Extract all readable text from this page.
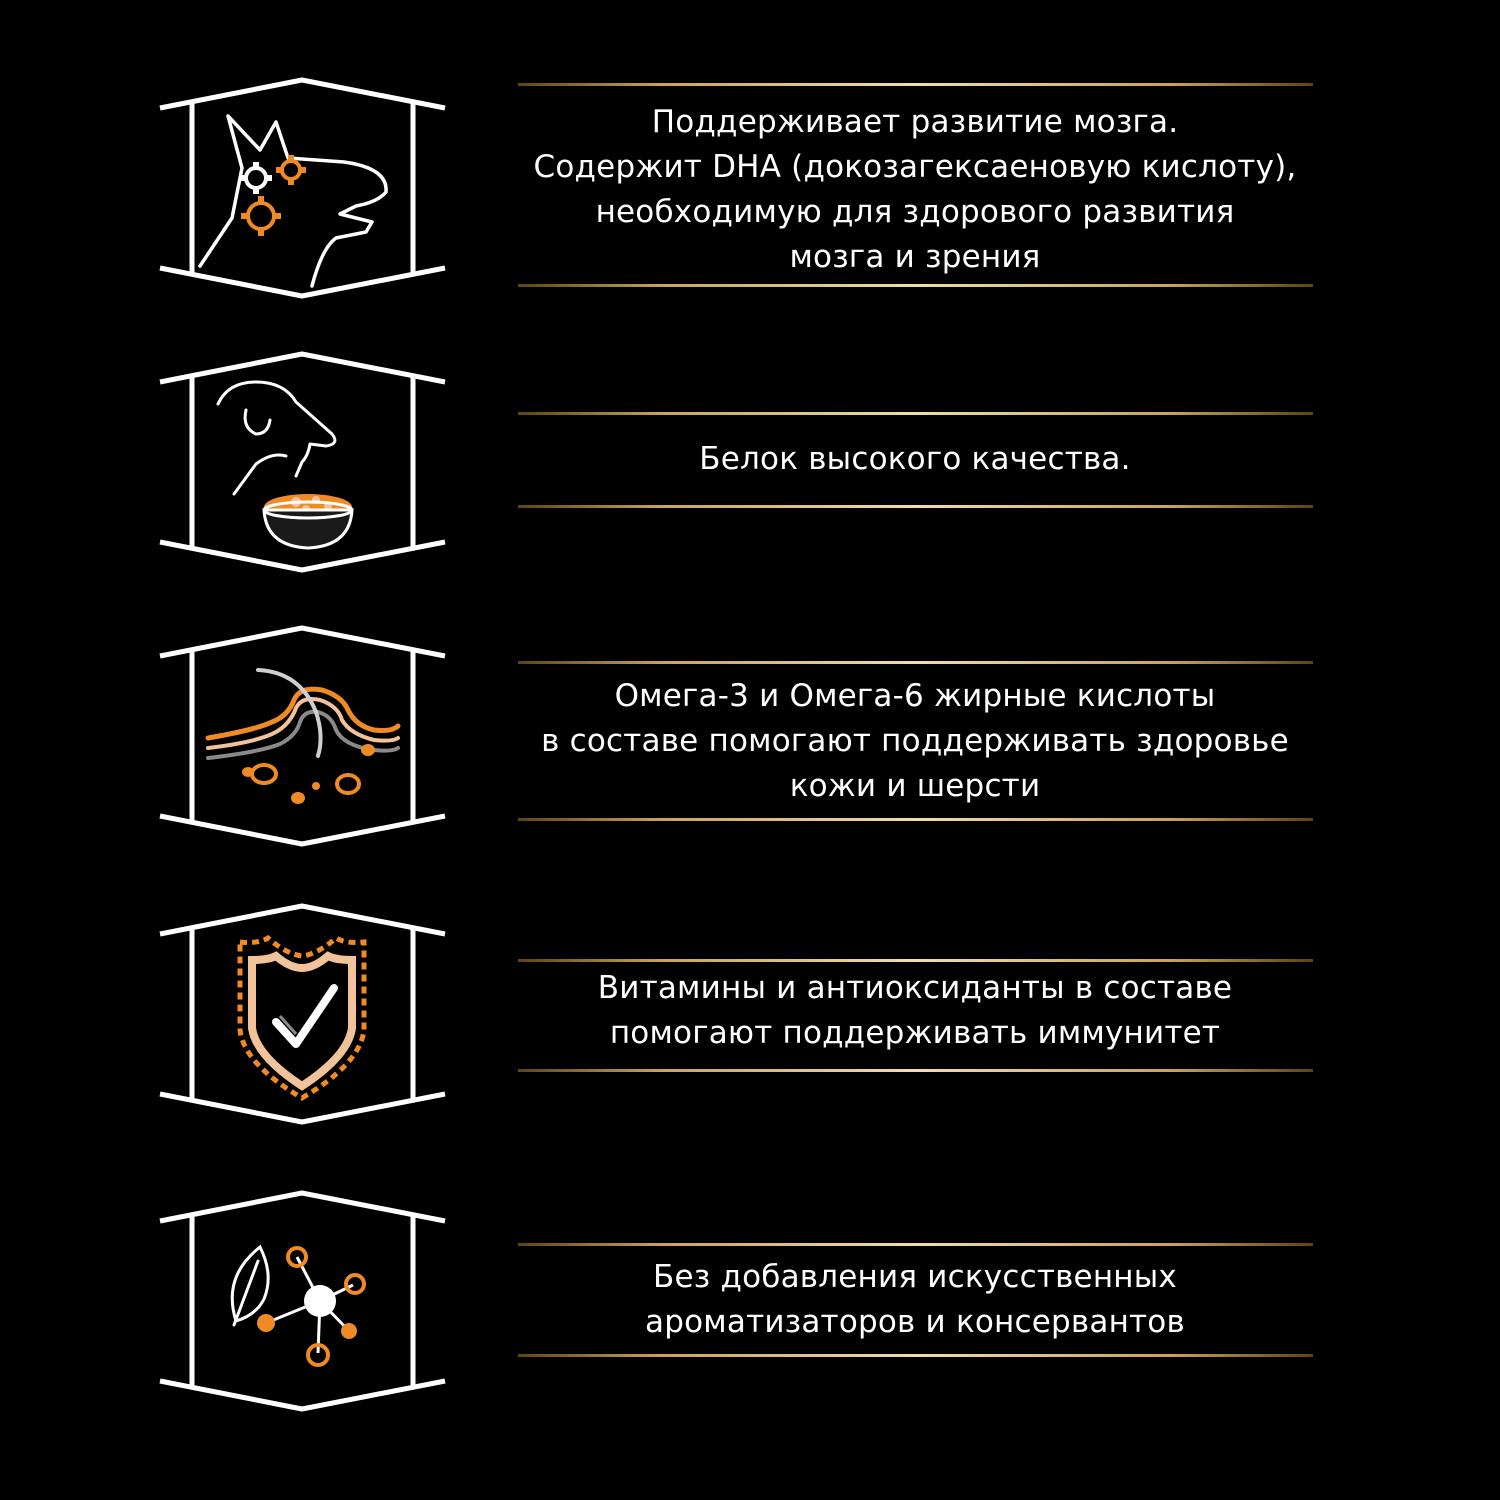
Поддерживает развитие мозга.
Содержит DHA (докозагексаеновую кислоту),
необходимую для здорового развития
мозга и зрения
Белок высокого качества.
Омега-3 и Омега-6 жирные кислоты
в составе помогают поддерживать здоровье
кожи и шерсти
Витамины и антиоксиданты в составе
помогают поддерживать иммунитет
Без добавления искусственных
ароматизаторов и консервантов
